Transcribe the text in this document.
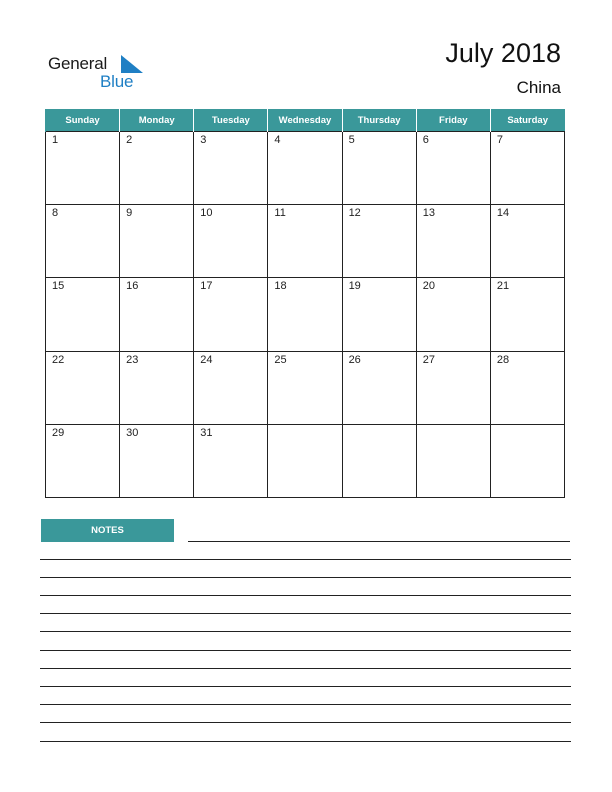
General
Blue
July 2018
China
Sunday	Monday	Tuesday	Wednesday	Thursday	Friday	Saturday
1	2	3	4	5	6	7
8	9	10	11	12	13	14
15	16	17	18	19	20	21
22	23	24	25	26	27	28
29	30	31				
NOTES
